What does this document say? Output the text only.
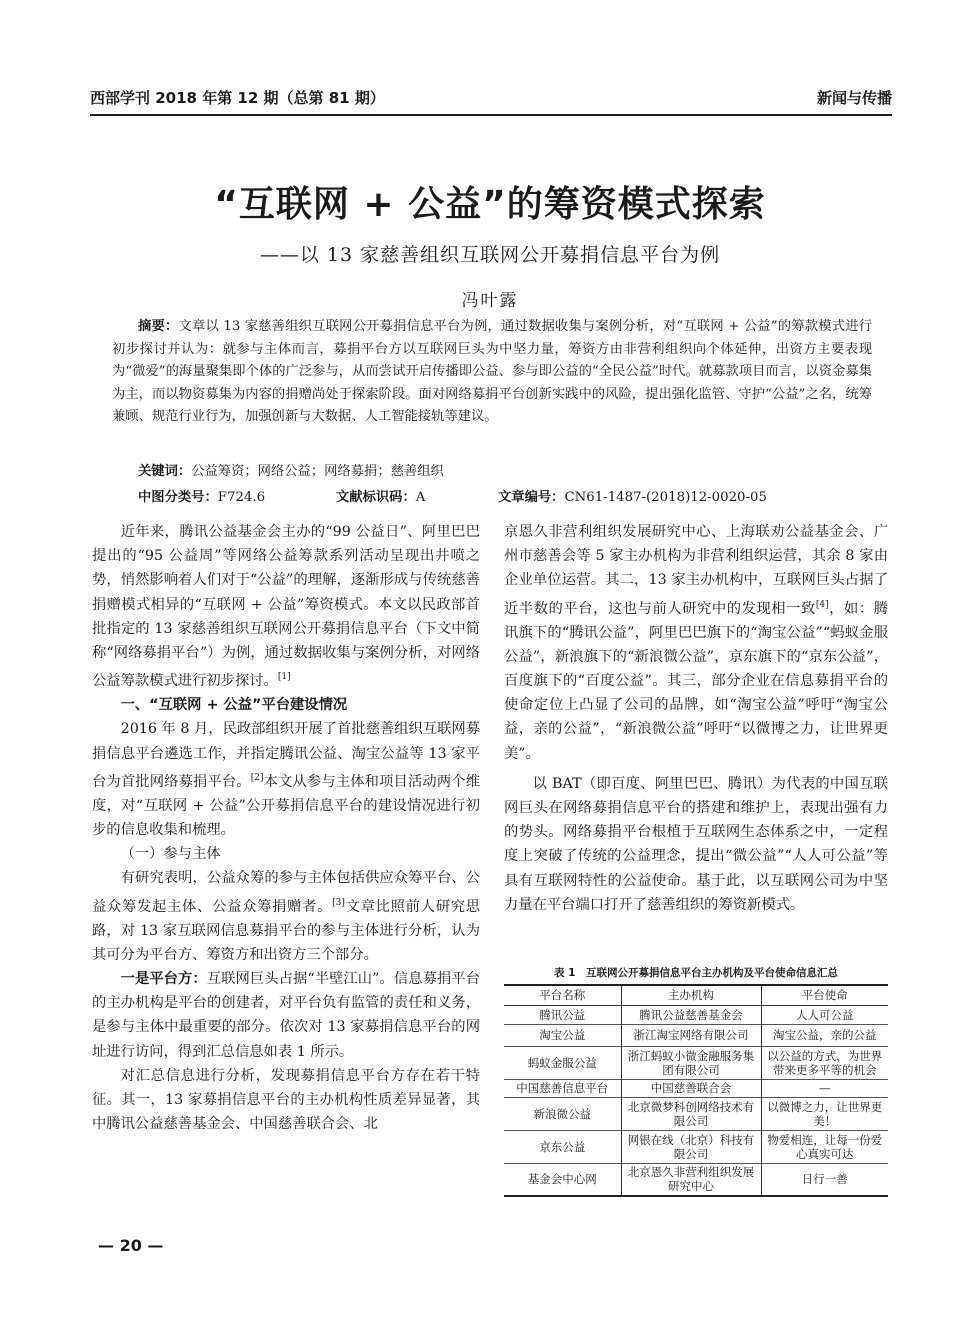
西部学刊 2018 年第 12 期（总第 81 期）	新闻与传播
“互联网 + 公益”的筹资模式探索
——以 13 家慈善组织互联网公开募捐信息平台为例
冯叶露
摘要：文章以 13 家慈善组织互联网公开募捐信息平台为例，通过数据收集与案例分析，对“互联网 + 公益”的筹款模式进行初步探讨并认为：就参与主体而言，募捐平台方以互联网巨头为中坚力量，筹资方由非营利组织向个体延伸，出资方主要表现为“微爱”的海量聚集即个体的广泛参与，从而尝试开启传播即公益、参与即公益的“全民公益”时代。就募款项目而言，以资金募集为主，而以物资募集为内容的捐赠尚处于探索阶段。面对网络募捐平台创新实践中的风险，提出强化监管、守护“公益”之名，统筹兼顾、规范行业行为，加强创新与大数据、人工智能接轨等建议。
关键词：公益筹资；网络公益；网络募捐；慈善组织
中图分类号：F724.6	文献标识码：A	文章编号：CN61-1487-(2018)12-0020-05

近年来，腾讯公益基金会主办的“99 公益日”、阿里巴巴提出的“95 公益周”等网络公益筹款系列活动呈现出井喷之势，悄然影响着人们对于“公益”的理解，逐渐形成与传统慈善捐赠模式相异的“互联网 + 公益”筹资模式。本文以民政部首批指定的 13 家慈善组织互联网公开募捐信息平台（下文中简称“网络募捐平台”）为例，通过数据收集与案例分析，对网络公益筹款模式进行初步探讨。[1]

一、“互联网 + 公益”平台建设情况

2016 年 8 月，民政部组织开展了首批慈善组织互联网募捐信息平台遴选工作，并指定腾讯公益、淘宝公益等 13 家平台为首批网络募捐平台。[2]本文从参与主体和项目活动两个维度，对“互联网 + 公益”公开募捐信息平台的建设情况进行初步的信息收集和梳理。

（一）参与主体

有研究表明，公益众筹的参与主体包括供应众筹平台、公益众筹发起主体、公益众筹捐赠者。[3]文章比照前人研究思路，对 13 家互联网信息募捐平台的参与主体进行分析，认为其可分为平台方、筹资方和出资方三个部分。

一是平台方：互联网巨头占据“半壁江山”。信息募捐平台的主办机构是平台的创建者，对平台负有监管的责任和义务，是参与主体中最重要的部分。依次对 13 家募捐信息平台的网址进行访问，得到汇总信息如表 1 所示。

对汇总信息进行分析，发现募捐信息平台方存在若干特征。其一，13 家募捐信息平台的主办机构性质差异显著，其中腾讯公益慈善基金会、中国慈善联合会、北

京恩久非营利组织发展研究中心、上海联劝公益基金会、广州市慈善会等 5 家主办机构为非营利组织运营，其余 8 家由企业单位运营。其二，13 家主办机构中，互联网巨头占据了近半数的平台，这也与前人研究中的发现相一致[4]，如：腾讯旗下的“腾讯公益”，阿里巴巴旗下的“淘宝公益”“蚂蚁金服公益”，新浪旗下的“新浪微公益”，京东旗下的“京东公益”，百度旗下的“百度公益”。其三，部分企业在信息募捐平台的使命定位上凸显了公司的品牌，如“淘宝公益”呼吁“淘宝公益，亲的公益”，“新浪微公益”呼吁“以微博之力，让世界更美”。

以 BAT（即百度、阿里巴巴、腾讯）为代表的中国互联网巨头在网络募捐信息平台的搭建和维护上，表现出强有力的势头。网络募捐平台根植于互联网生态体系之中，一定程度上突破了传统的公益理念，提出“微公益”“人人可公益”等具有互联网特性的公益使命。基于此，以互联网公司为中坚力量在平台端口打开了慈善组织的筹资新模式。

表 1　互联网公开募捐信息平台主办机构及平台使命信息汇总
平台名称	主办机构	平台使命
腾讯公益	腾讯公益慈善基金会	人人可公益
淘宝公益	浙江淘宝网络有限公司	淘宝公益，亲的公益
蚂蚁金服公益	浙江蚂蚁小微金融服务集团有限公司	以公益的方式，为世界带来更多平等的机会
中国慈善信息平台	中国慈善联合会	—
新浪微公益	北京微梦科创网络技术有限公司	以微博之力，让世界更美！
京东公益	网银在线（北京）科技有限公司	物爱相连，让每一份爱心真实可达
基金会中心网	北京恩久非营利组织发展研究中心	日行一善
— 20 —
